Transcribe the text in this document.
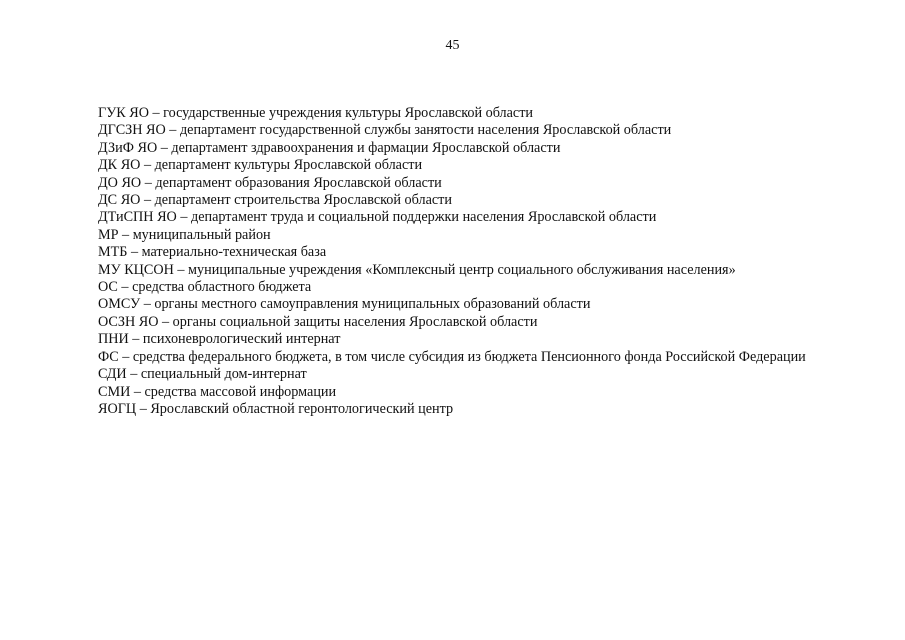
45
ГУК ЯО – государственные учреждения культуры Ярославской области
ДГСЗН ЯО – департамент государственной службы занятости населения Ярославской области
ДЗиФ ЯО – департамент здравоохранения и фармации Ярославской области
ДК ЯО – департамент культуры Ярославской области
ДО ЯО – департамент образования Ярославской области
ДС ЯО – департамент строительства Ярославской области
ДТиСПН ЯО – департамент труда и социальной поддержки населения Ярославской области
МР – муниципальный район
МТБ – материально-техническая база
МУ КЦСОН – муниципальные учреждения «Комплексный центр социального обслуживания населения»
ОС – средства областного бюджета
ОМСУ – органы местного самоуправления муниципальных образований области
ОСЗН ЯО – органы социальной защиты населения Ярославской области
ПНИ – психоневрологический интернат
ФС – средства федерального бюджета, в том числе субсидия из бюджета Пенсионного фонда Российской Федерации
СДИ – специальный дом-интернат
СМИ – средства массовой информации
ЯОГЦ – Ярославский областной геронтологический центр
